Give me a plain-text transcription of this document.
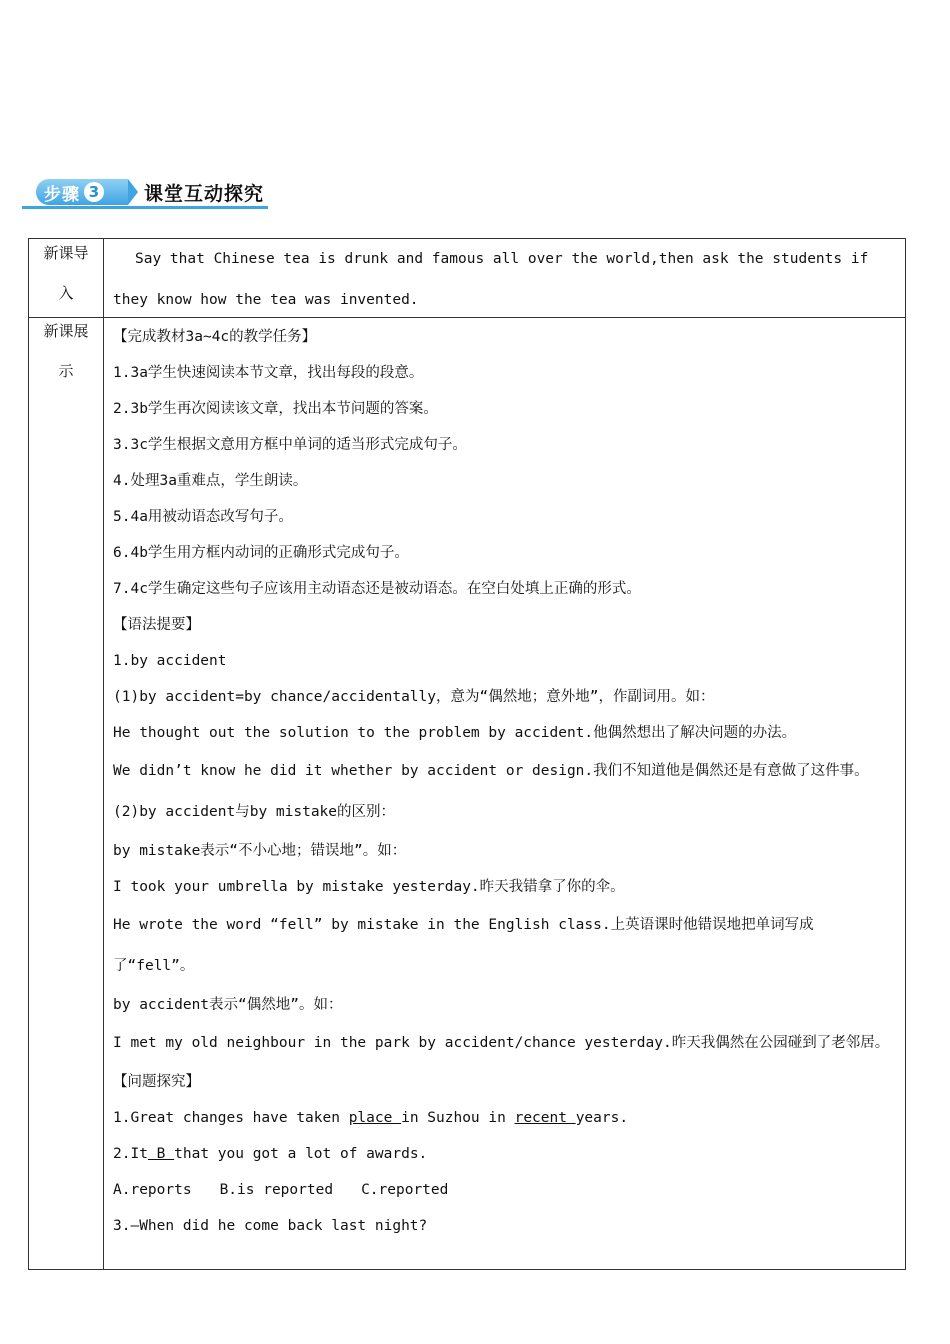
步骤 3 课堂互动探究
新课导
入
Say that Chinese tea is drunk and famous all over the world,then ask the students if they know how the tea was invented.
新课展
示
【完成教材3a~4c的教学任务】
1.3a学生快速阅读本节文章，找出每段的段意。
2.3b学生再次阅读该文章，找出本节问题的答案。
3.3c学生根据文意用方框中单词的适当形式完成句子。
4.处理3a重难点，学生朗读。
5.4a用被动语态改写句子。
6.4b学生用方框内动词的正确形式完成句子。
7.4c学生确定这些句子应该用主动语态还是被动语态。在空白处填上正确的形式。
【语法提要】
1.by accident
(1)by accident=by chance/accidentally，意为“偶然地；意外地”，作副词用。如：
He thought out the solution to the problem by accident.他偶然想出了解决问题的办法。
We didn’t know he did it whether by accident or design.我们不知道他是偶然还是有意做了这件事。(2)by accident与by mistake的区别：
by mistake表示“不小心地；错误地”。如：
I took your umbrella by mistake yesterday.昨天我错拿了你的伞。
He wrote the word “fell” by mistake in the English class.上英语课时他错误地把单词写成了“fell”。
by accident表示“偶然地”。如：
I met my old neighbour in the park by accident/chance yesterday.昨天我偶然在公园碰到了老邻居。
【问题探究】
1.Great changes have taken place in Suzhou in recent years.
2.It B that you got a lot of awards.
A.reports B.is reported C.reported
3.—When did he come back last night?
